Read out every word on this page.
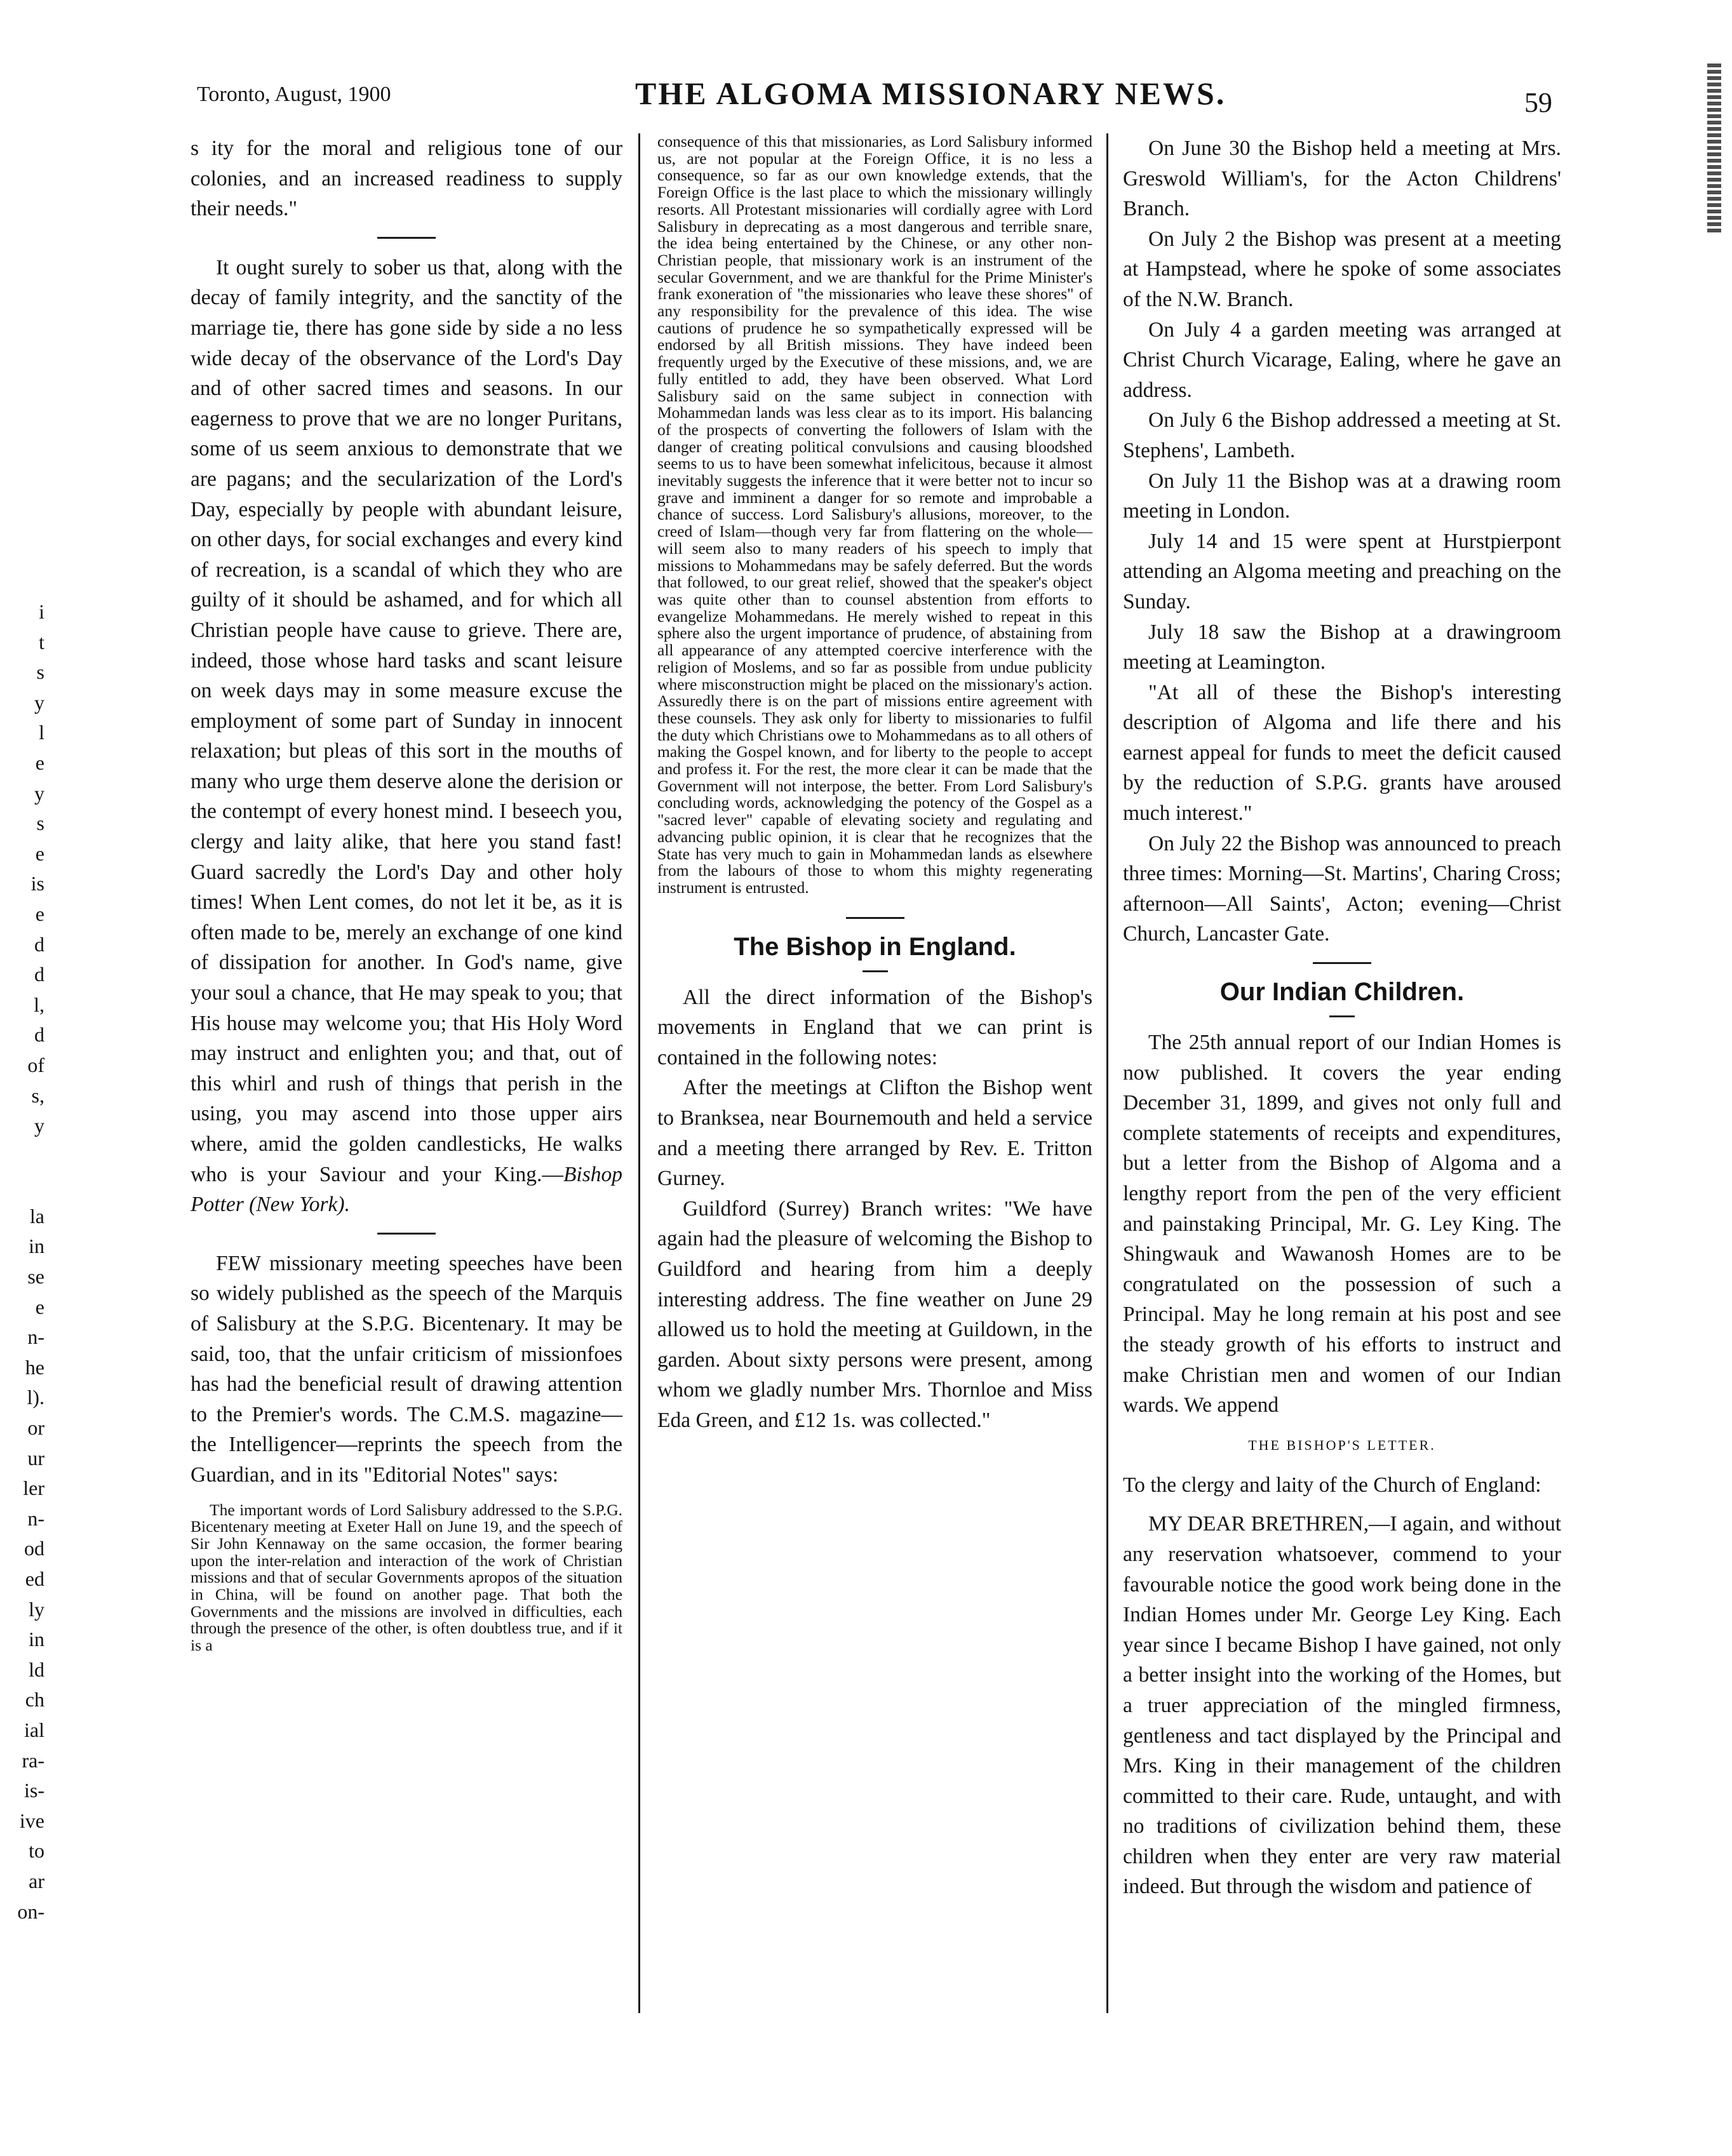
Toronto, August, 1900	THE ALGOMA MISSIONARY NEWS.	59
i
t
s
y
l
e
y
s
e
is
e
d
d
l,
d
of
s,
y
la
in
se
e
n-
he
l).
or
ur
ler
n-
od
ed
ly
in
ld
ch
ial
ra-
is-
ive
to
ar
on-

s ity for the moral and religious tone of our colonies, and an increased readiness to supply their needs."

It ought surely to sober us that, along with the decay of family integrity, and the sanctity of the marriage tie, there has gone side by side a no less wide decay of the observance of the Lord's Day and of other sacred times and seasons. In our eagerness to prove that we are no longer Puritans, some of us seem anxious to demonstrate that we are pagans; and the secularization of the Lord's Day, especially by people with abundant leisure, on other days, for social exchanges and every kind of recreation, is a scandal of which they who are guilty of it should be ashamed, and for which all Christian people have cause to grieve. There are, indeed, those whose hard tasks and scant leisure on week days may in some measure excuse the employment of some part of Sunday in innocent relaxation; but pleas of this sort in the mouths of many who urge them deserve alone the derision or the contempt of every honest mind. I beseech you, clergy and laity alike, that here you stand fast! Guard sacredly the Lord's Day and other holy times! When Lent comes, do not let it be, as it is often made to be, merely an exchange of one kind of dissipation for another. In God's name, give your soul a chance, that He may speak to you; that His house may welcome you; that His Holy Word may instruct and enlighten you; and that, out of this whirl and rush of things that perish in the using, you may ascend into those upper airs where, amid the golden candlesticks, He walks who is your Saviour and your King.—Bishop Potter (New York).

FEW missionary meeting speeches have been so widely published as the speech of the Marquis of Salisbury at the S.P.G. Bicentenary. It may be said, too, that the unfair criticism of missionfoes has had the beneficial result of drawing attention to the Premier's words. The C.M.S. magazine—the Intelligencer—reprints the speech from the Guardian, and in its "Editorial Notes" says:

The important words of Lord Salisbury addressed to the S.P.G. Bicentenary meeting at Exeter Hall on June 19, and the speech of Sir John Kennaway on the same occasion, the former bearing upon the inter-relation and interaction of the work of Christian missions and that of secular Governments apropos of the situation in China, will be found on another page. That both the Governments and the missions are involved in difficulties, each through the presence of the other, is often doubtless true, and if it is a

consequence of this that missionaries, as Lord Salisbury informed us, are not popular at the Foreign Office, it is no less a consequence, so far as our own knowledge extends, that the Foreign Office is the last place to which the missionary willingly resorts. All Protestant missionaries will cordially agree with Lord Salisbury in deprecating as a most dangerous and terrible snare, the idea being entertained by the Chinese, or any other non-Christian people, that missionary work is an instrument of the secular Government, and we are thankful for the Prime Minister's frank exoneration of "the missionaries who leave these shores" of any responsibility for the prevalence of this idea. The wise cautions of prudence he so sympathetically expressed will be endorsed by all British missions. They have indeed been frequently urged by the Executive of these missions, and, we are fully entitled to add, they have been observed. What Lord Salisbury said on the same subject in connection with Mohammedan lands was less clear as to its import. His balancing of the prospects of converting the followers of Islam with the danger of creating political convulsions and causing bloodshed seems to us to have been somewhat infelicitous, because it almost inevitably suggests the inference that it were better not to incur so grave and imminent a danger for so remote and improbable a chance of success. Lord Salisbury's allusions, moreover, to the creed of Islam—though very far from flattering on the whole—will seem also to many readers of his speech to imply that missions to Mohammedans may be safely deferred. But the words that followed, to our great relief, showed that the speaker's object was quite other than to counsel abstention from efforts to evangelize Mohammedans. He merely wished to repeat in this sphere also the urgent importance of prudence, of abstaining from all appearance of any attempted coercive interference with the religion of Moslems, and so far as possible from undue publicity where misconstruction might be placed on the missionary's action. Assuredly there is on the part of missions entire agreement with these counsels. They ask only for liberty to missionaries to fulfil the duty which Christians owe to Mohammedans as to all others of making the Gospel known, and for liberty to the people to accept and profess it. For the rest, the more clear it can be made that the Government will not interpose, the better. From Lord Salisbury's concluding words, acknowledging the potency of the Gospel as a "sacred lever" capable of elevating society and regulating and advancing public opinion, it is clear that he recognizes that the State has very much to gain in Mohammedan lands as elsewhere from the labours of those to whom this mighty regenerating instrument is entrusted.

The Bishop in England.

All the direct information of the Bishop's movements in England that we can print is contained in the following notes:

After the meetings at Clifton the Bishop went to Branksea, near Bournemouth and held a service and a meeting there arranged by Rev. E. Tritton Gurney.

Guildford (Surrey) Branch writes: "We have again had the pleasure of welcoming the Bishop to Guildford and hearing from him a deeply interesting address. The fine weather on June 29 allowed us to hold the meeting at Guildown, in the garden. About sixty persons were present, among whom we gladly number Mrs. Thornloe and Miss Eda Green, and £12 1s. was collected."

On June 30 the Bishop held a meeting at Mrs. Greswold William's, for the Acton Childrens' Branch.

On July 2 the Bishop was present at a meeting at Hampstead, where he spoke of some associates of the N.W. Branch.

On July 4 a garden meeting was arranged at Christ Church Vicarage, Ealing, where he gave an address.

On July 6 the Bishop addressed a meeting at St. Stephens', Lambeth.

On July 11 the Bishop was at a drawing room meeting in London.

July 14 and 15 were spent at Hurstpierpont attending an Algoma meeting and preaching on the Sunday.

July 18 saw the Bishop at a drawingroom meeting at Leamington.

"At all of these the Bishop's interesting description of Algoma and life there and his earnest appeal for funds to meet the deficit caused by the reduction of S.P.G. grants have aroused much interest."

On July 22 the Bishop was announced to preach three times: Morning—St. Martins', Charing Cross; afternoon—All Saints', Acton; evening—Christ Church, Lancaster Gate.

Our Indian Children.

The 25th annual report of our Indian Homes is now published. It covers the year ending December 31, 1899, and gives not only full and complete statements of receipts and expenditures, but a letter from the Bishop of Algoma and a lengthy report from the pen of the very efficient and painstaking Principal, Mr. G. Ley King. The Shingwauk and Wawanosh Homes are to be congratulated on the possession of such a Principal. May he long remain at his post and see the steady growth of his efforts to instruct and make Christian men and women of our Indian wards. We append

THE BISHOP'S LETTER.

To the clergy and laity of the Church of England:

MY DEAR BRETHREN,—I again, and without any reservation whatsoever, commend to your favourable notice the good work being done in the Indian Homes under Mr. George Ley King. Each year since I became Bishop I have gained, not only a better insight into the working of the Homes, but a truer appreciation of the mingled firmness, gentleness and tact displayed by the Principal and Mrs. King in their management of the children committed to their care. Rude, untaught, and with no traditions of civilization behind them, these children when they enter are very raw material indeed. But through the wisdom and patience of
